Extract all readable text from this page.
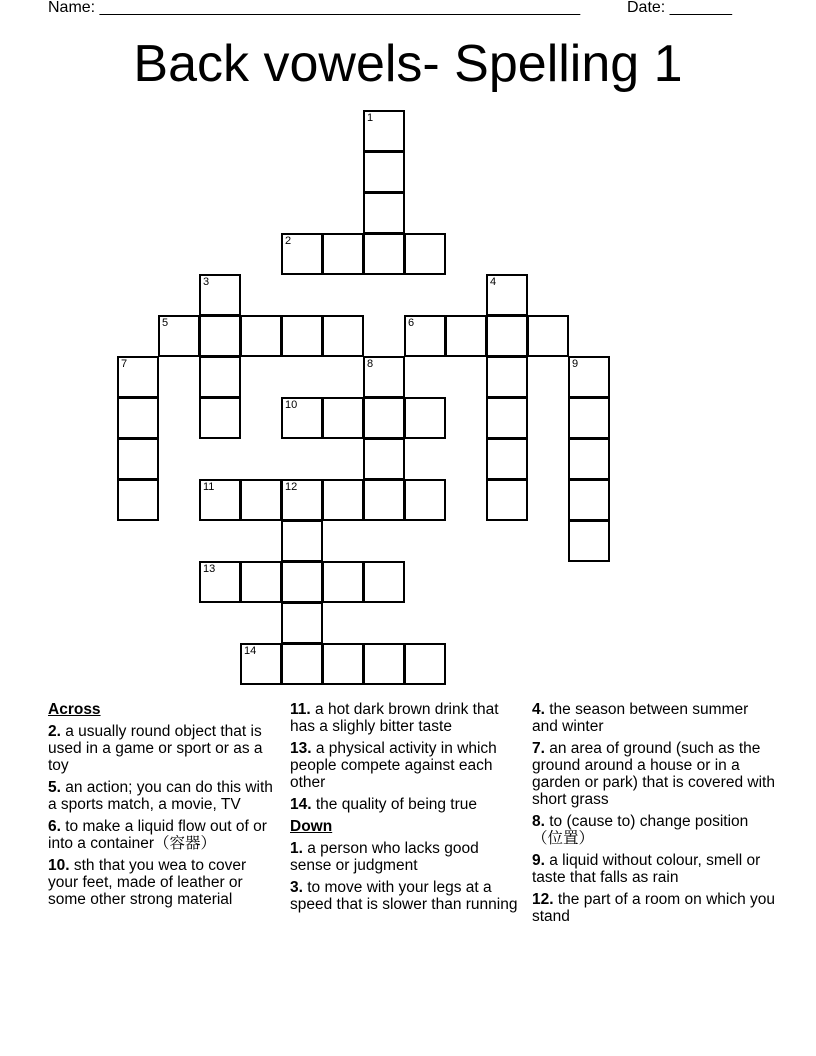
Name: ______________________________________________________	Date: _______
Back vowels- Spelling 1
1
2
3	4
5	6
7	8	9
10
11	12
13
14
Across
2. a usually round object that is used in a game or sport or as a toy
5. an action; you can do this with a sports match, a movie, TV
6. to make a liquid flow out of or into a container（容器）
10. sth that you wea to cover your feet, made of leather or some other strong material
11. a hot dark brown drink that has a slighly bitter taste
13. a physical activity in which people compete against each other
14. the quality of being true
Down
1. a person who lacks good sense or judgment
3. to move with your legs at a speed that is slower than running
4. the season between summer and winter
7. an area of ground (such as the ground around a house or in a garden or park) that is covered with short grass
8. to (cause to) change position（位置）
9. a liquid without colour, smell or taste that falls as rain
12. the part of a room on which you stand
